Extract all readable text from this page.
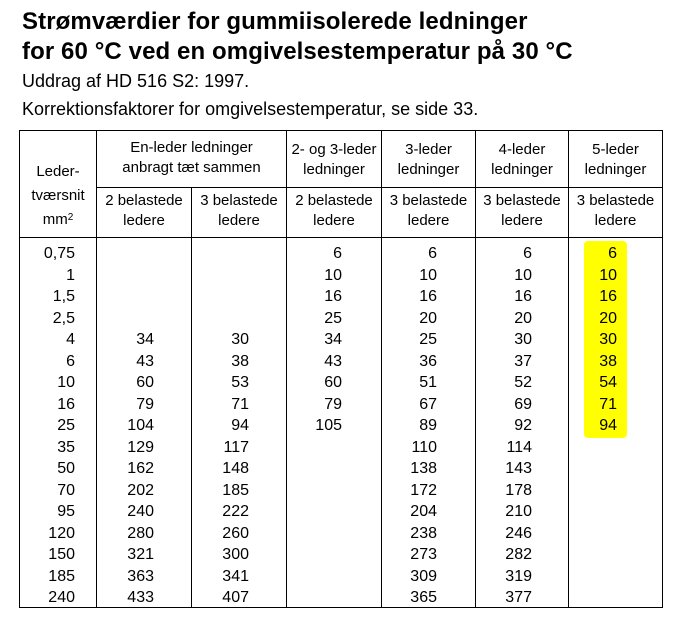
Strømværdier for gummiisolerede ledninger
for 60 °C ved en omgivelsestemperatur på 30 °C
Uddrag af HD 516 S2: 1997.
Korrektionsfaktorer for omgivelsestemperatur, se side 33.
Leder-
tværsnit
$mm^2$
En-leder ledninger
anbragt tæt sammen
2- og 3-leder
ledninger
3-leder
ledninger
4-leder
ledninger
5-leder
ledninger
2 belastede
ledere
3 belastede
ledere
2 belastede
ledere
3 belastede
ledere
3 belastede
ledere
3 belastede
ledere
0,75
1
1,5
2,5
4
6
10
16
25
35
50
70
95
120
150
185
240
34
43
60
79
104
129
162
202
240
280
321
363
433
30
38
53
71
94
117
148
185
222
260
300
341
407
6
10
16
25
34
43
60
79
105
6
10
16
20
25
36
51
67
89
110
138
172
204
238
273
309
365
6
10
16
20
30
37
52
69
92
114
143
178
210
246
282
319
377
6
10
16
20
30
38
54
71
94
